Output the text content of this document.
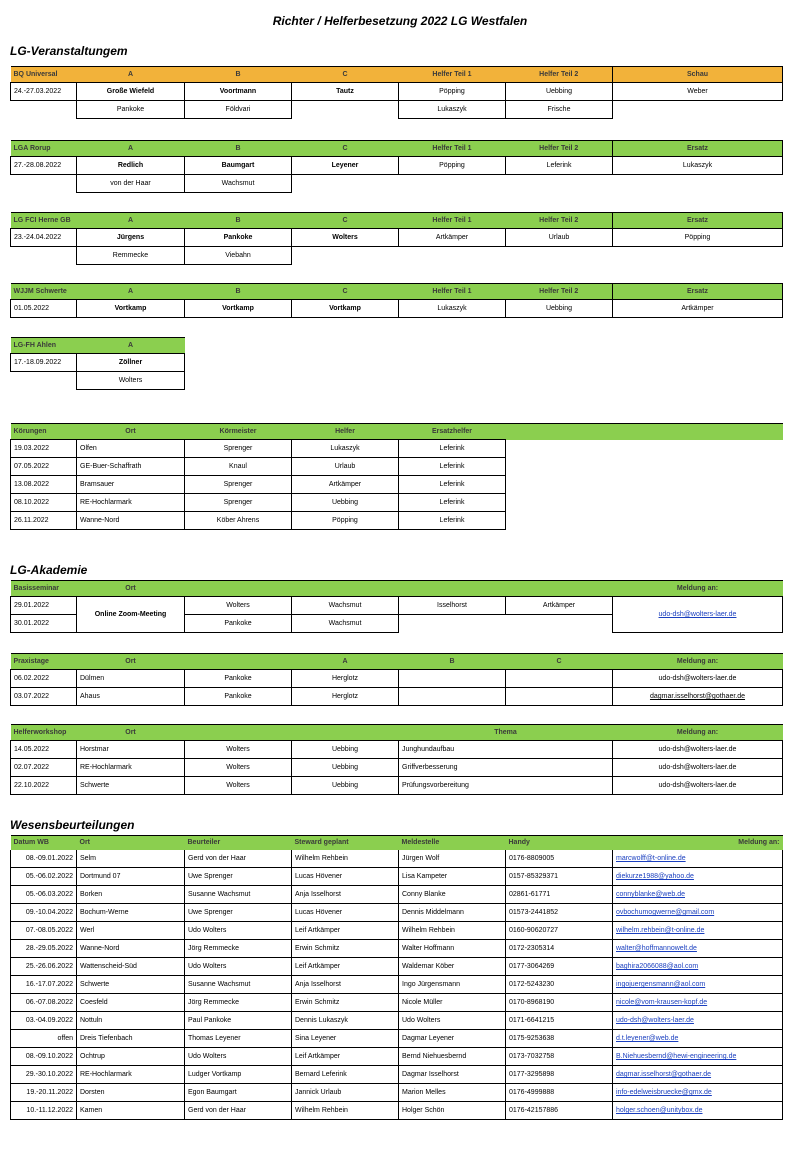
Richter / Helferbesetzung 2022 LG Westfalen
LG-Veranstaltungem
BQ Universal	A	B	C	Helfer Teil 1	Helfer Teil 2	Schau
24.-27.03.2022	Große Wiefeld	Voortmann	Tautz	Pöpping	Uebbing	Weber
	Pankoke	Földvari		Lukaszyk	Frische	
LGA Rorup	A	B	C	Helfer Teil 1	Helfer Teil 2	Ersatz
27.-28.08.2022	Redlich	Baumgart	Leyener	Pöpping	Leferink	Lukaszyk
	von der Haar	Wachsmut				
LG FCI Herne GB	A	B	C	Helfer Teil 1	Helfer Teil 2	Ersatz
23.-24.04.2022	Jürgens	Pankoke	Wolters	Artkämper	Urlaub	Pöpping
	Remmecke	Viebahn				
WJJM Schwerte	A	B	C	Helfer Teil 1	Helfer Teil 2	Ersatz
01.05.2022	Vortkamp	Vortkamp	Vortkamp	Lukaszyk	Uebbing	Artkämper
LG-FH Ahlen	A
17.-18.09.2022	Zöllner
	Wolters
Körungen	Ort	Körmeister	Helfer	Ersatzhelfer	
19.03.2022	Olfen	Sprenger	Lukaszyk	Leferink	
07.05.2022	GE-Buer-Schaffrath	Knaul	Urlaub	Leferink	
13.08.2022	Bramsauer	Sprenger	Artkämper	Leferink	
08.10.2022	RE-Hochlarmark	Sprenger	Uebbing	Leferink	
26.11.2022	Wanne-Nord	Köber Ahrens	Pöpping	Leferink	
LG-Akademie
Basisseminar	Ort					Meldung an:
29.01.2022	Online Zoom-Meeting	Wolters	Wachsmut	Isselhorst	Artkämper	udo-dsh@wolters-laer.de
30.01.2022		Pankoke	Wachsmut			
Praxistage	Ort		A	B	C	Meldung an:
06.02.2022	Dülmen	Pankoke	Herglotz			udo-dsh@wolters-laer.de
03.07.2022	Ahaus	Pankoke	Herglotz			dagmar.isselhorst@gothaer.de
Helferworkshop	Ort			Thema	Meldung an:
14.05.2022	Horstmar	Wolters	Uebbing	Junghundaufbau	udo-dsh@wolters-laer.de
02.07.2022	RE-Hochlarmark	Wolters	Uebbing	Griffverbesserung	udo-dsh@wolters-laer.de
22.10.2022	Schwerte	Wolters	Uebbing	Prüfungsvorbereitung	udo-dsh@wolters-laer.de
Wesensbeurteilungen
Datum WB	Ort	Beurteiler	Steward geplant	Meldestelle	Handy	Meldung an:
08.-09.01.2022	Selm	Gerd von der Haar	Wilhelm Rehbein	Jürgen Wolf	0176-8809005	marcwolff@t-online.de
05.-06.02.2022	Dortmund 07	Uwe Sprenger	Lucas Hövener	Lisa Kampeter	0157-85329371	diekurze1988@yahoo.de
05.-06.03.2022	Borken	Susanne Wachsmut	Anja Isselhorst	Conny Blanke	02861-61771	connyblanke@web.de
09.-10.04.2022	Bochum-Werne	Uwe Sprenger	Lucas Hövener	Dennis Middelmann	01573-2441852	ovbochumogwerne@gmail.com
07.-08.05.2022	Werl	Udo Wolters	Leif Artkämper	Wilhelm Rehbein	0160-90620727	wilhelm.rehbein@t-online.de
28.-29.05.2022	Wanne-Nord	Jörg Remmecke	Erwin Schmitz	Walter Hoffmann	0172-2305314	walter@hoffmannowelt.de
25.-26.06.2022	Wattenscheid-Süd	Udo Wolters	Leif Artkämper	Waldemar Köber	0177-3064269	baghira2066088@aol.com
16.-17.07.2022	Schwerte	Susanne Wachsmut	Anja Isselhorst	Ingo Jürgensmann	0172-5243230	ingojuergensmann@aol.com
06.-07.08.2022	Coesfeld	Jörg Remmecke	Erwin Schmitz	Nicole Müller	0170-8968190	nicole@vom-krausen-kopf.de
03.-04.09.2022	Nottuln	Paul Pankoke	Dennis Lukaszyk	Udo Wolters	0171-6641215	udo-dsh@wolters-laer.de
offen	Dreis Tiefenbach	Thomas Leyener	Sina Leyener	Dagmar Leyener	0175-9253638	d.t.leyener@web.de
08.-09.10.2022	Ochtrup	Udo Wolters	Leif Artkämper	Bernd Niehuesbernd	0173-7032758	B.Niehuesbernd@hewi-engineering.de
29.-30.10.2022	RE-Hochlarmark	Ludger Vortkamp	Bernard Leferink	Dagmar Isselhorst	0177-3295898	dagmar.isselhorst@gothaer.de
19.-20.11.2022	Dorsten	Egon Baumgart	Jannick Urlaub	Marion Melles	0176-4999888	info-edelweisbruecke@gmx.de
10.-11.12.2022	Kamen	Gerd von der Haar	Wilhelm Rehbein	Holger Schön	0176-42157886	holger.schoen@unitybox.de
